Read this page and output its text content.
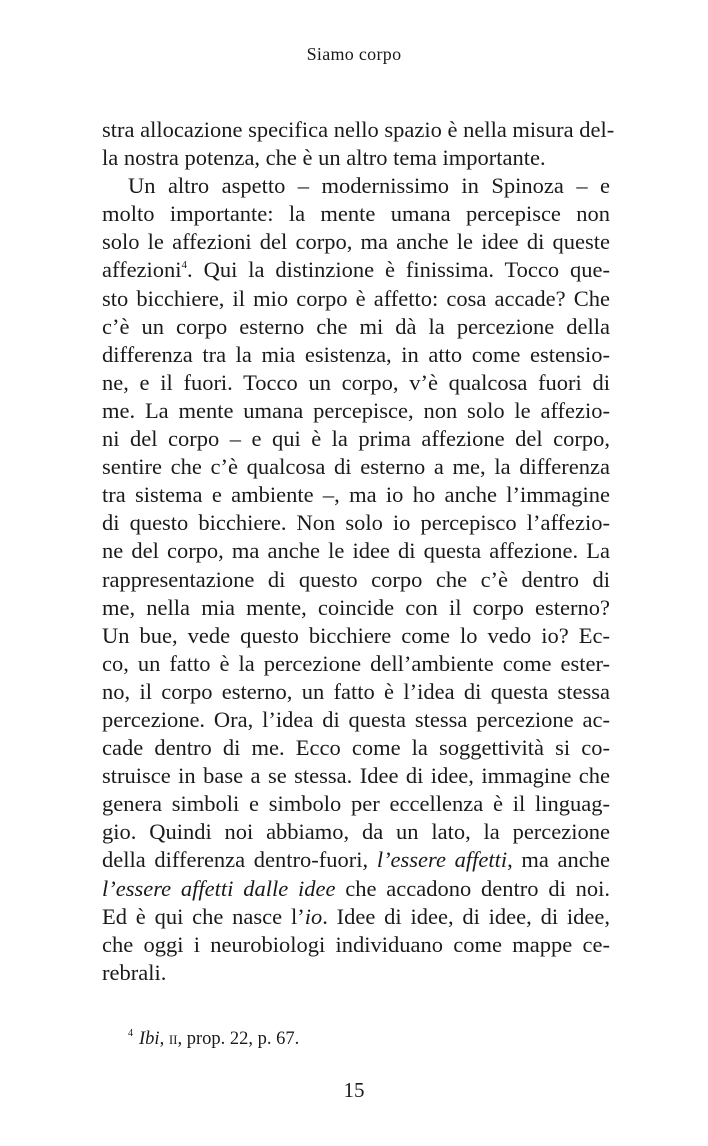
Siamo corpo
stra allocazione specifica nello spazio è nella misura del-
la nostra potenza, che è un altro tema importante.
Un altro aspetto – modernissimo in Spinoza – e
molto importante: la mente umana percepisce non
solo le affezioni del corpo, ma anche le idee di queste
affezioni$^4$. Qui la distinzione è finissima. Tocco que-
sto bicchiere, il mio corpo è affetto: cosa accade? Che
c’è un corpo esterno che mi dà la percezione della
differenza tra la mia esistenza, in atto come estensio-
ne, e il fuori. Tocco un corpo, v’è qualcosa fuori di
me. La mente umana percepisce, non solo le affezio-
ni del corpo – e qui è la prima affezione del corpo,
sentire che c’è qualcosa di esterno a me, la differenza
tra sistema e ambiente –, ma io ho anche l’immagine
di questo bicchiere. Non solo io percepisco l’affezio-
ne del corpo, ma anche le idee di questa affezione. La
rappresentazione di questo corpo che c’è dentro di
me, nella mia mente, coincide con il corpo esterno?
Un bue, vede questo bicchiere come lo vedo io? Ec-
co, un fatto è la percezione dell’ambiente come ester-
no, il corpo esterno, un fatto è l’idea di questa stessa
percezione. Ora, l’idea di questa stessa percezione ac-
cade dentro di me. Ecco come la soggettività si co-
struisce in base a se stessa. Idee di idee, immagine che
genera simboli e simbolo per eccellenza è il linguag-
gio. Quindi noi abbiamo, da un lato, la percezione
della differenza dentro-fuori, l’essere affetti, ma anche
l’essere affetti dalle idee che accadono dentro di noi.
Ed è qui che nasce l’io. Idee di idee, di idee, di idee,
che oggi i neurobiologi individuano come mappe ce-
rebrali.
$^4$ Ibi, ii, prop. 22, p. 67.
15
